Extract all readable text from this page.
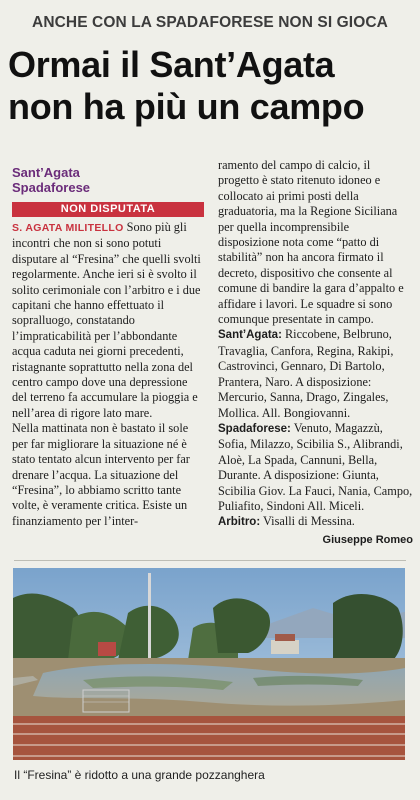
ANCHE CON LA SPADAFORESE NON SI GIOCA
Ormai il Sant’Agata
non ha più un campo
Sant’Agata
Spadaforese
NON DISPUTATA

S. AGATA MILITELLO Sono più gli incontri che non si sono potuti disputare al “Fresina” che quelli svolti regolarmente. Anche ieri si è svolto il solito cerimoniale con l’arbitro e i due capitani che hanno effettuato il sopralluogo, constatando l’impraticabilità per l’abbondante acqua caduta nei giorni precedenti, ristagnante soprattutto nella zona del centro campo dove una depressione del terreno fa accumulare la pioggia e nell’area di rigore lato mare.

Nella mattinata non è bastato il sole per far migliorare la situazione né è stato tentato alcun intervento per far drenare l’acqua. La situazione del “Fresina”, lo abbiamo scritto tante volte, è veramente critica. Esiste un finanziamento per l’inter-

ramento del campo di calcio, il progetto è stato ritenuto idoneo e collocato ai primi posti della graduatoria, ma la Regione Siciliana per quella incomprensibile disposizione nota come “patto di stabilità” non ha ancora firmato il decreto, dispositivo che consente al comune di bandire la gara d’appalto e affidare i lavori. Le squadre si sono comunque presentate in campo.

Sant’Agata: Riccobene, Belbruno, Travaglia, Canfora, Regina, Rakipi, Castrovinci, Gennaro, Di Bartolo, Prantera, Naro. A disposizione: Mercurio, Sanna, Drago, Zingales, Mollica. All. Bongiovanni.

Spadaforese: Venuto, Magazzù, Sofia, Milazzo, Scibilia S., Alibrandi, Aloè, La Spada, Cannuni, Bella, Durante. A disposizione: Giunta, Scibilia Giov. La Fauci, Nania, Campo, Puliafito, Sindoni All. Miceli.

Arbitro: Visalli di Messina.

Giuseppe Romeo
Il “Fresina” è ridotto a una grande pozzanghera
